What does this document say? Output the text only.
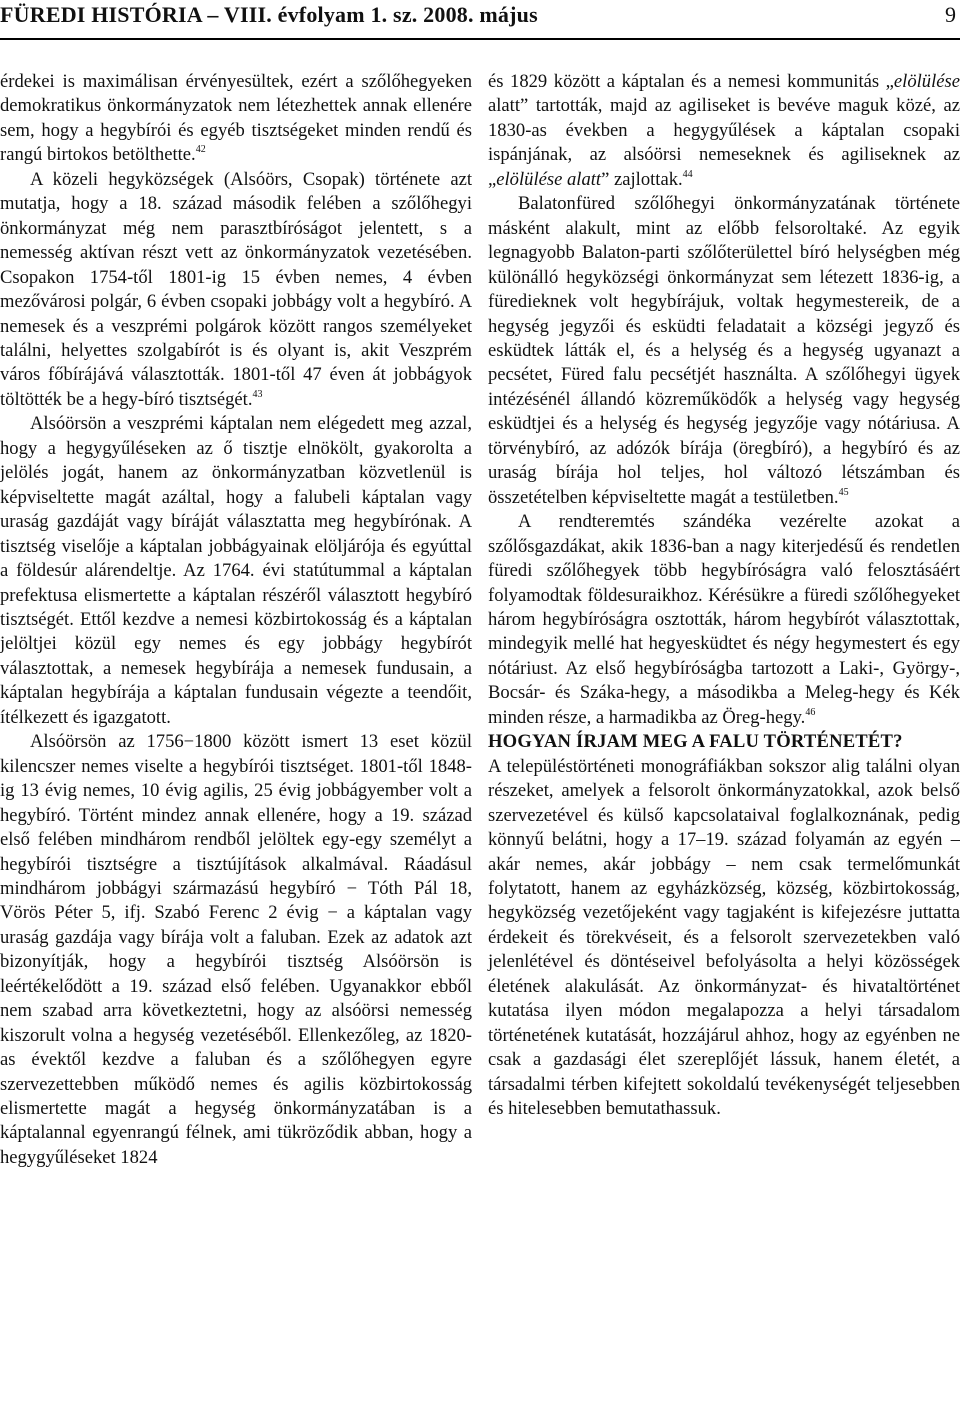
FÜREDI HISTÓRIA – VIII. évfolyam 1. sz. 2008. május	9

érdekei is maximálisan érvényesültek, ezért a szőlőhegyeken demokratikus önkormányzatok nem létezhettek annak ellenére sem, hogy a hegybírói és egyéb tisztségeket minden rendű és rangú birtokos betölthette.$^{42}$

A közeli hegyközségek (Alsóörs, Csopak) története azt mutatja, hogy a 18. század második felében a szőlőhegyi önkormányzat még nem parasztbíróságot jelentett, s a nemesség aktívan részt vett az önkormányzatok vezetésében. Csopakon 1754-től 1801-ig 15 évben nemes, 4 évben mezővárosi polgár, 6 évben csopaki jobbágy volt a hegybíró. A nemesek és a veszprémi polgárok között rangos személyeket találni, helyettes szolgabírót is és olyant is, akit Veszprém város főbírájává választották. 1801-től 47 éven át jobbágyok töltötték be a hegy-bíró tisztségét.$^{43}$

Alsóörsön a veszprémi káptalan nem elégedett meg azzal, hogy a hegygyűléseken az ő tisztje elnökölt, gyakorolta a jelölés jogát, hanem az önkormányzatban közvetlenül is képviseltette magát azáltal, hogy a falubeli káptalan vagy uraság gazdáját vagy bíráját választatta meg hegybírónak. A tisztség viselője a káptalan jobbágyainak elöljárója és egyúttal a földesúr alárendeltje. Az 1764. évi statútummal a káptalan prefektusa elismertette a káptalan részéről választott hegybíró tisztségét. Ettől kezdve a nemesi közbirtokosság és a káptalan jelöltjei közül egy nemes és egy jobbágy hegybírót választottak, a nemesek hegybírája a nemesek fundusain, a káptalan hegybírája a káptalan fundusain végezte a teendőit, ítélkezett és igazgatott.

Alsóörsön az 1756−1800 között ismert 13 eset közül kilencszer nemes viselte a hegybírói tisztséget. 1801-től 1848-ig 13 évig nemes, 10 évig agilis, 25 évig jobbágyember volt a hegybíró. Történt mindez annak ellenére, hogy a 19. század első felében mindhárom rendből jelöltek egy-egy személyt a hegybírói tisztségre a tisztújítások alkalmával. Ráadásul mindhárom jobbágyi származású hegybíró − Tóth Pál 18, Vörös Péter 5, ifj. Szabó Ferenc 2 évig − a káptalan vagy uraság gazdája vagy bírája volt a faluban. Ezek az adatok azt bizonyítják, hogy a hegybírói tisztség Alsóörsön is leértékelődött a 19. század első felében. Ugyanakkor ebből nem szabad arra következtetni, hogy az alsóörsi nemesség kiszorult volna a hegység vezetéséből. Ellenkezőleg, az 1820-as évektől kezdve a faluban és a szőlőhegyen egyre szervezettebben működő nemes és agilis közbirtokosság elismertette magát a hegység önkormányzatában is a káptalannal egyenrangú félnek, ami tükröződik abban, hogy a hegygyűléseket 1824

és 1829 között a káptalan és a nemesi kommunitás „elölülése alatt” tartották, majd az agiliseket is bevéve maguk közé, az 1830-as években a hegygyűlések a káptalan csopaki ispánjának, az alsóörsi nemeseknek és agiliseknek az „elölülése alatt” zajlottak.$^{44}$

Balatonfüred szőlőhegyi önkormányzatának története másként alakult, mint az előbb felsoroltaké. Az egyik legnagyobb Balaton-parti szőlőterülettel bíró helységben még különálló hegyközségi önkormányzat sem létezett 1836-ig, a füredieknek volt hegybírájuk, voltak hegymestereik, de a hegység jegyzői és esküdti feladatait a községi jegyző és esküdtek látták el, és a helység és a hegység ugyanazt a pecsétet, Füred falu pecsétjét használta. A szőlőhegyi ügyek intézésénél állandó közreműködők a helység vagy hegység esküdtjei és a helység és hegység jegyzője vagy nótáriusa. A törvénybíró, az adózók bírája (öregbíró), a hegybíró és az uraság bírája hol teljes, hol változó létszámban és összetételben képviseltette magát a testületben.$^{45}$

A rendteremtés szándéka vezérelte azokat a szőlősgazdákat, akik 1836-ban a nagy kiterjedésű és rendetlen füredi szőlőhegyek több hegybíróságra való felosztásáért folyamodtak földesuraikhoz. Kérésükre a füredi szőlőhegyeket három hegybíróságra osztották, három hegybírót választottak, mindegyik mellé hat hegyesküdtet és négy hegymestert és egy nótáriust. Az első hegybíróságba tartozott a Laki-, György-, Bocsár- és Száka-hegy, a másodikba a Meleg-hegy és Kék minden része, a harmadikba az Öreg-hegy.$^{46}$

HOGYAN ÍRJAM MEG A FALU TÖRTÉNETÉT?

A településtörténeti monográfiákban sokszor alig találni olyan részeket, amelyek a felsorolt önkormányzatokkal, azok belső szervezetével és külső kapcsolataival foglalkoznának, pedig könnyű belátni, hogy a 17–19. század folyamán az egyén – akár nemes, akár jobbágy – nem csak termelőmunkát folytatott, hanem az egyházközség, község, közbirtokosság, hegyközség vezetőjeként vagy tagjaként is kifejezésre juttatta érdekeit és törekvéseit, és a felsorolt szervezetekben való jelenlétével és döntéseivel befolyásolta a helyi közösségek életének alakulását. Az önkormányzat- és hivataltörténet kutatása ilyen módon megalapozza a helyi társadalom történetének kutatását, hozzájárul ahhoz, hogy az egyénben ne csak a gazdasági élet szereplőjét lássuk, hanem életét, a társadalmi térben kifejtett sokoldalú tevékenységét teljesebben és hitelesebben bemutathassuk.
